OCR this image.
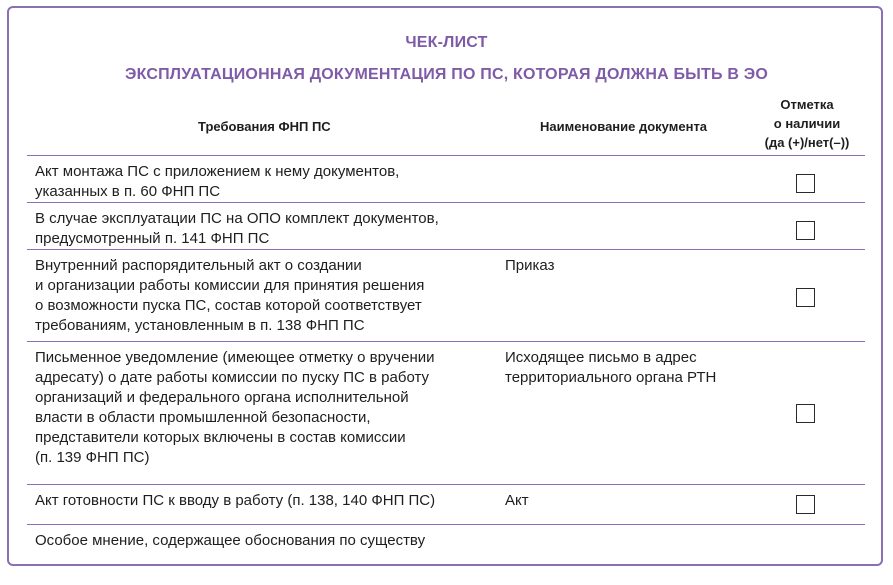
ЧЕК-ЛИСТ
ЭКСПЛУАТАЦИОННАЯ ДОКУМЕНТАЦИЯ ПО ПС, КОТОРАЯ ДОЛЖНА БЫТЬ В ЭО
Требования ФНП ПС	Наименование документа
Отметка
о наличии
(да (+)/нет(–))
Акт монтажа ПС с приложением к нему документов,
указанных в п. 60 ФНП ПС
В случае эксплуатации ПС на ОПО комплект документов,
предусмотренный п. 141 ФНП ПС
Внутренний распорядительный акт о создании
и организации работы комиссии для принятия решения
о возможности пуска ПС, состав которой соответствует
требованиям, установленным в п. 138 ФНП ПС
Приказ
Письменное уведомление (имеющее отметку о вручении
адресату) о дате работы комиссии по пуску ПС в работу
организаций и федерального органа исполнительной
власти в области промышленной безопасности,
представители которых включены в состав комиссии
(п. 139 ФНП ПС)
Исходящее письмо в адрес
территориального органа РТН
Акт готовности ПС к вводу в работу (п. 138, 140 ФНП ПС)	Акт
Особое мнение, содержащее обоснования по существу
